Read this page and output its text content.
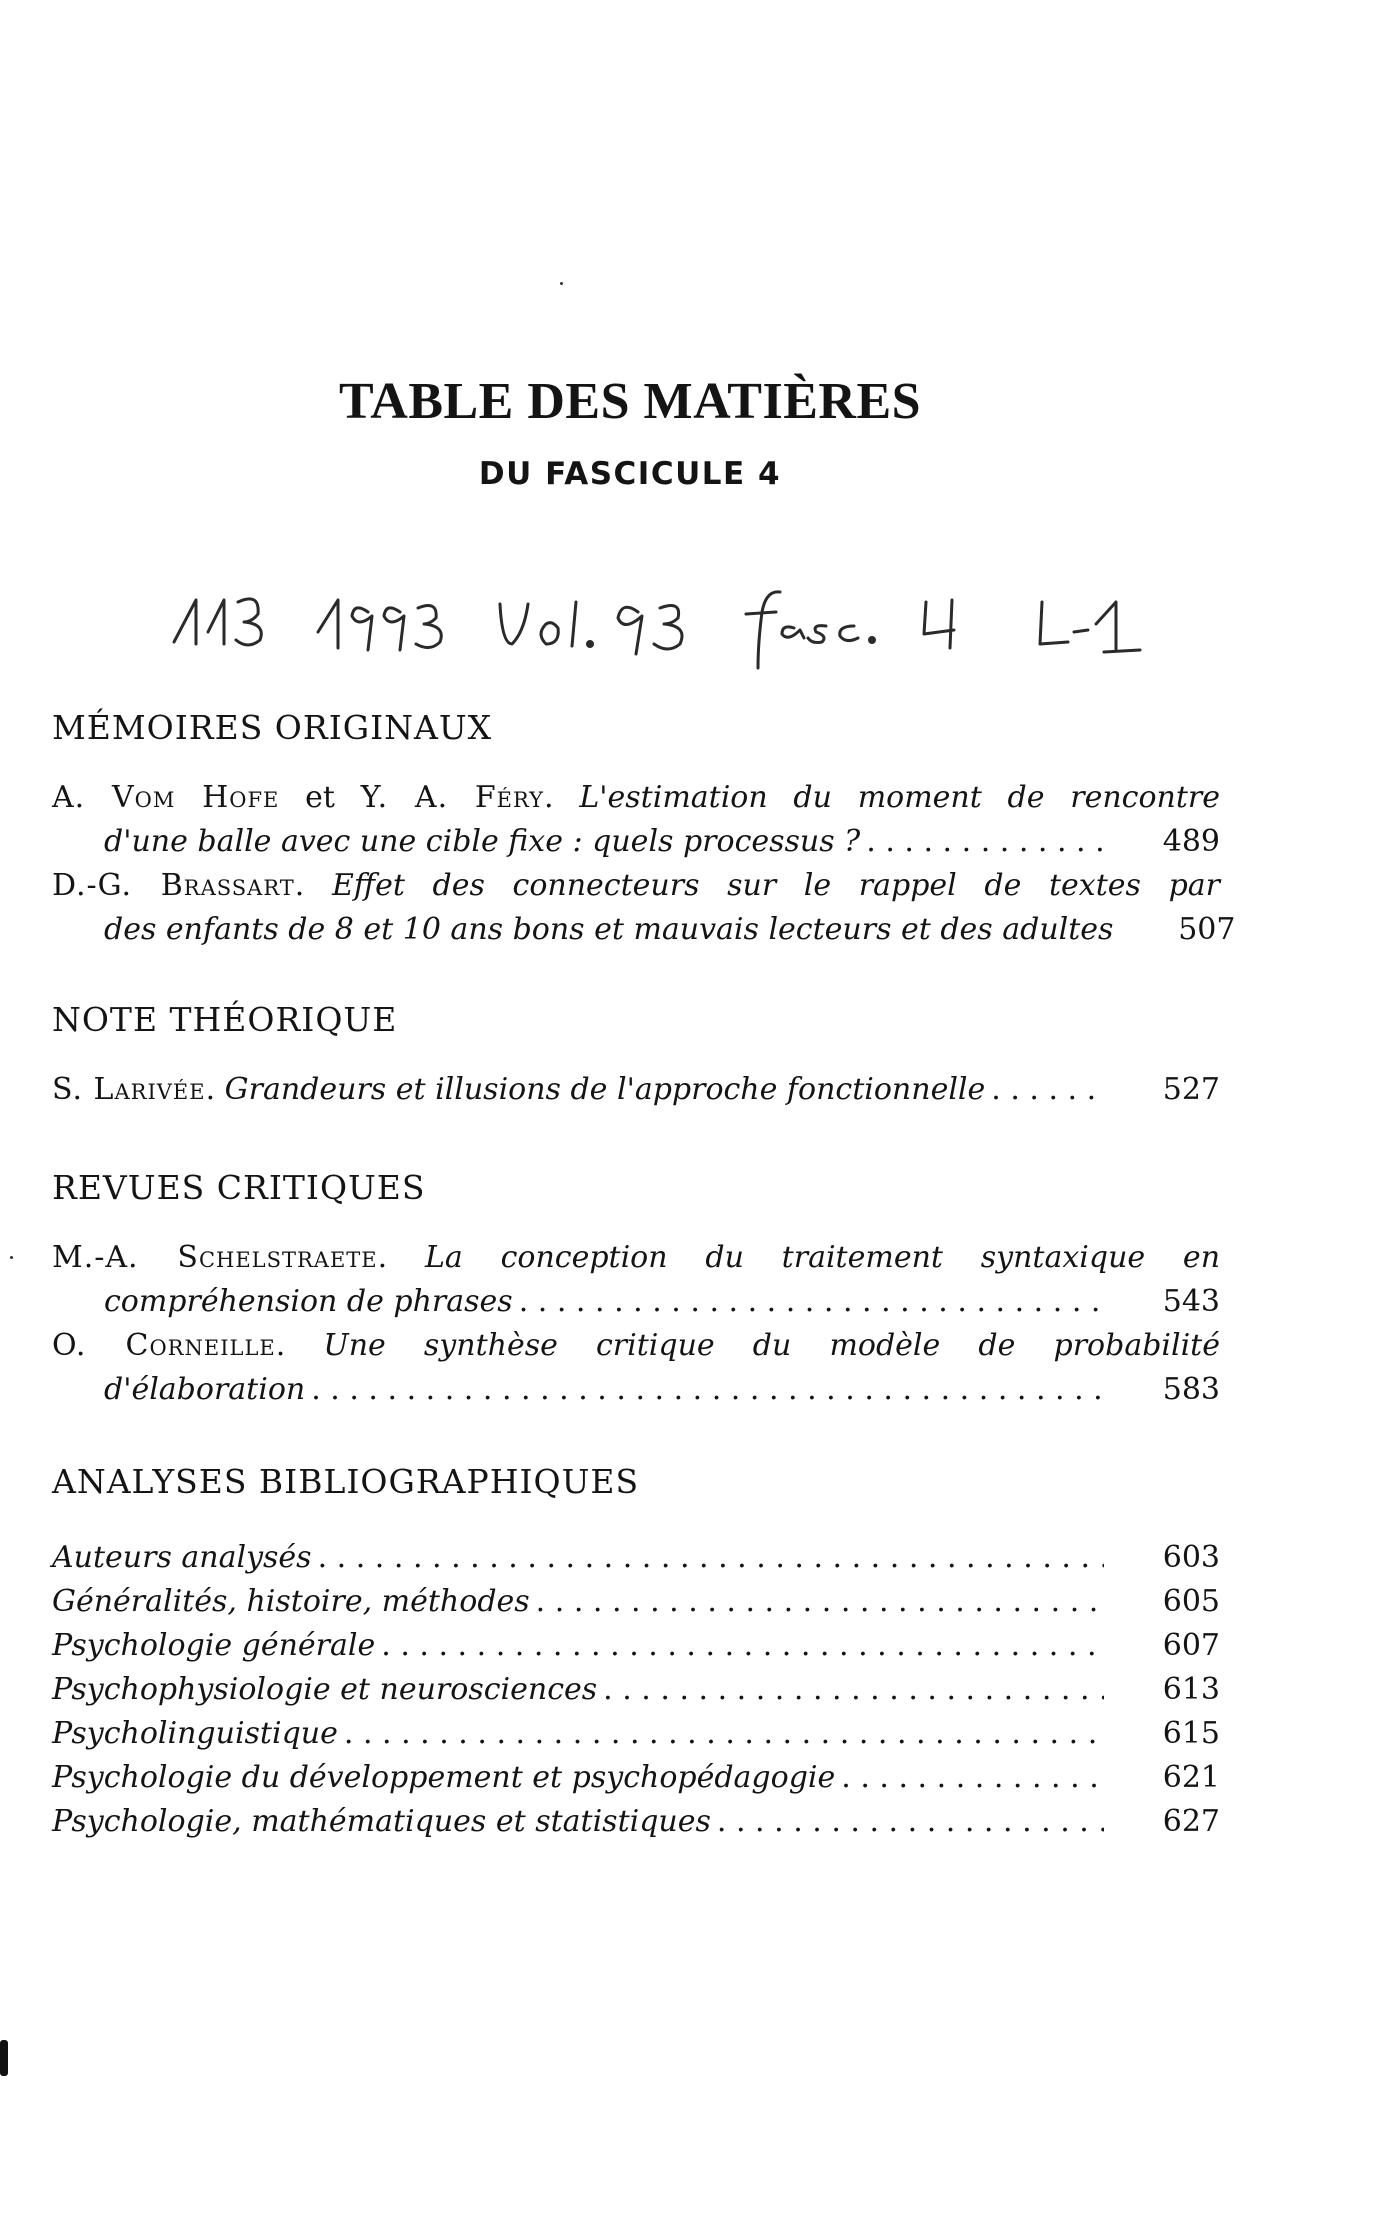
TABLE DES MATIÈRES
DU FASCICULE 4
MÉMOIRES ORIGINAUX
A. Vom Hofe et Y. A. Féry. L'estimation du moment de rencontre
d'une balle avec une cible fixe : quels processus ? . . .	489
D.-G. Brassart. Effet des connecteurs sur le rappel de textes par
des enfants de 8 et 10 ans bons et mauvais lecteurs et des adultes . . . 507
NOTE THÉORIQUE
S. Larivée. Grandeurs et illusions de l'approche fonctionnelle . . .	527
REVUES CRITIQUES
M.-A. Schelstraete. La conception du traitement syntaxique en
compréhension de phrases . . .	543
O. Corneille. Une synthèse critique du modèle de probabilité
d'élaboration . . .	583
ANALYSES BIBLIOGRAPHIQUES
Auteurs analysés . . .	603
Généralités, histoire, méthodes . . .	605
Psychologie générale . . .	607
Psychophysiologie et neurosciences . . .	613
Psycholinguistique . . .	615
Psychologie du développement et psychopédagogie . . .	621
Psychologie, mathématiques et statistiques . . .	627
